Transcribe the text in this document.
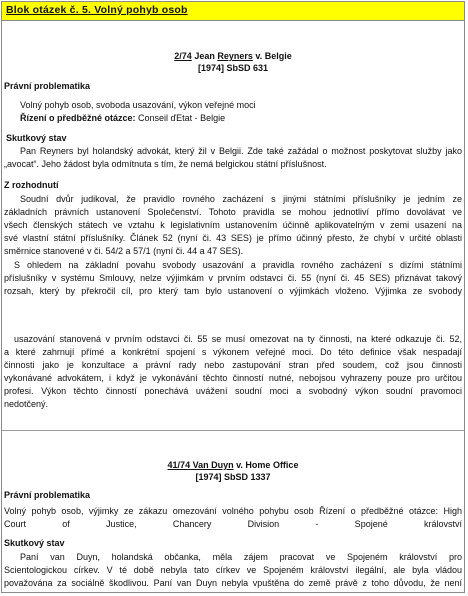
Blok otázek č. 5. Volný pohyb osob
2/74 Jean Reyners v. Belgie
[1974] SbSD 631
Právní problematika
Volný pohyb osob, svoboda usazování, výkon veřejné moci
Řízení o předběžné otázce: Conseil ďEtat - Belgie
Skutkový stav
Pan Reyners byl holandský advokát, který žil v Belgii. Zde také zažádal o možnost poskytovat služby jako
„avocat“. Jeho žádost byla odmítnuta s tím, že nemá belgickou státní příslušnost.
Z rozhodnutí
Soudní dvůr judikoval, že pravidlo rovného zacházení s jinými státními příslušníky je jedním ze
základních právních ustanovení Společenství. Tohoto pravidla se mohou jednotliví přímo dovolávat ve
všech členských státech ve vztahu k legislativním ustanovením účinně aplikovatelným v zemi usazení na
své vlastní státní příslušníky. Článek 52 (nyní či. 43 SES) je přímo účinný přesto, že chybí v určité oblasti
směrnice stanovené v či. 54/2 a 57/1 (nyní či. 44 a 47 SES).
S ohledem na základní povahu svobody usazování a pravidla rovného zacházení s dizími státními
příslušníky v systému Smlouvy, nelze výjimkám v prvním odstavci či. 55 (nyní či. 45 SES) přiznávat takový
rozsah, který by překročil cíl, pro který tam bylo ustanovení o výjimkách vloženo. Výjimka ze svobody
usazování stanovená v prvním odstavci či. 55 se musí omezovat na ty činnosti, na které odkazuje či. 52,
a které zahrnují přímé a konkrétní spojení s výkonem veřejné moci. Do této definice však nespadají
činnosti jako je konzultace a právní rady nebo zastupování stran před soudem, což jsou činnosti
vykonávané advokátem, i když je vykonávání těchto činností nutné, nebojsou vyhrazeny pouze pro určitou
profesi. Výkon těchto činností ponechává uvážení soudní moci a svobodný výkon soudní pravomoci
nedotčený.
41/74 Van Duyn v. Home Office
[1974] SbSD 1337
Právní problematika
Volný pohyb osob, výjimky ze zákazu omezování volného pohybu osob Řízení o předběžné otázce: High
Court of Justice, Chancery Division - Spojené království
Skutkový stav
Paní van Duyn, holandská občanka, měla zájem pracovat ve Spojeném království pro
Scientologickou církev. V té době nebyla tato církev ve Spojeném království ilegální, ale byla vládou
považována za sociálně škodlivou. Paní van Duyn nebyla vpuštěna do země právě z toho důvodu, že není
